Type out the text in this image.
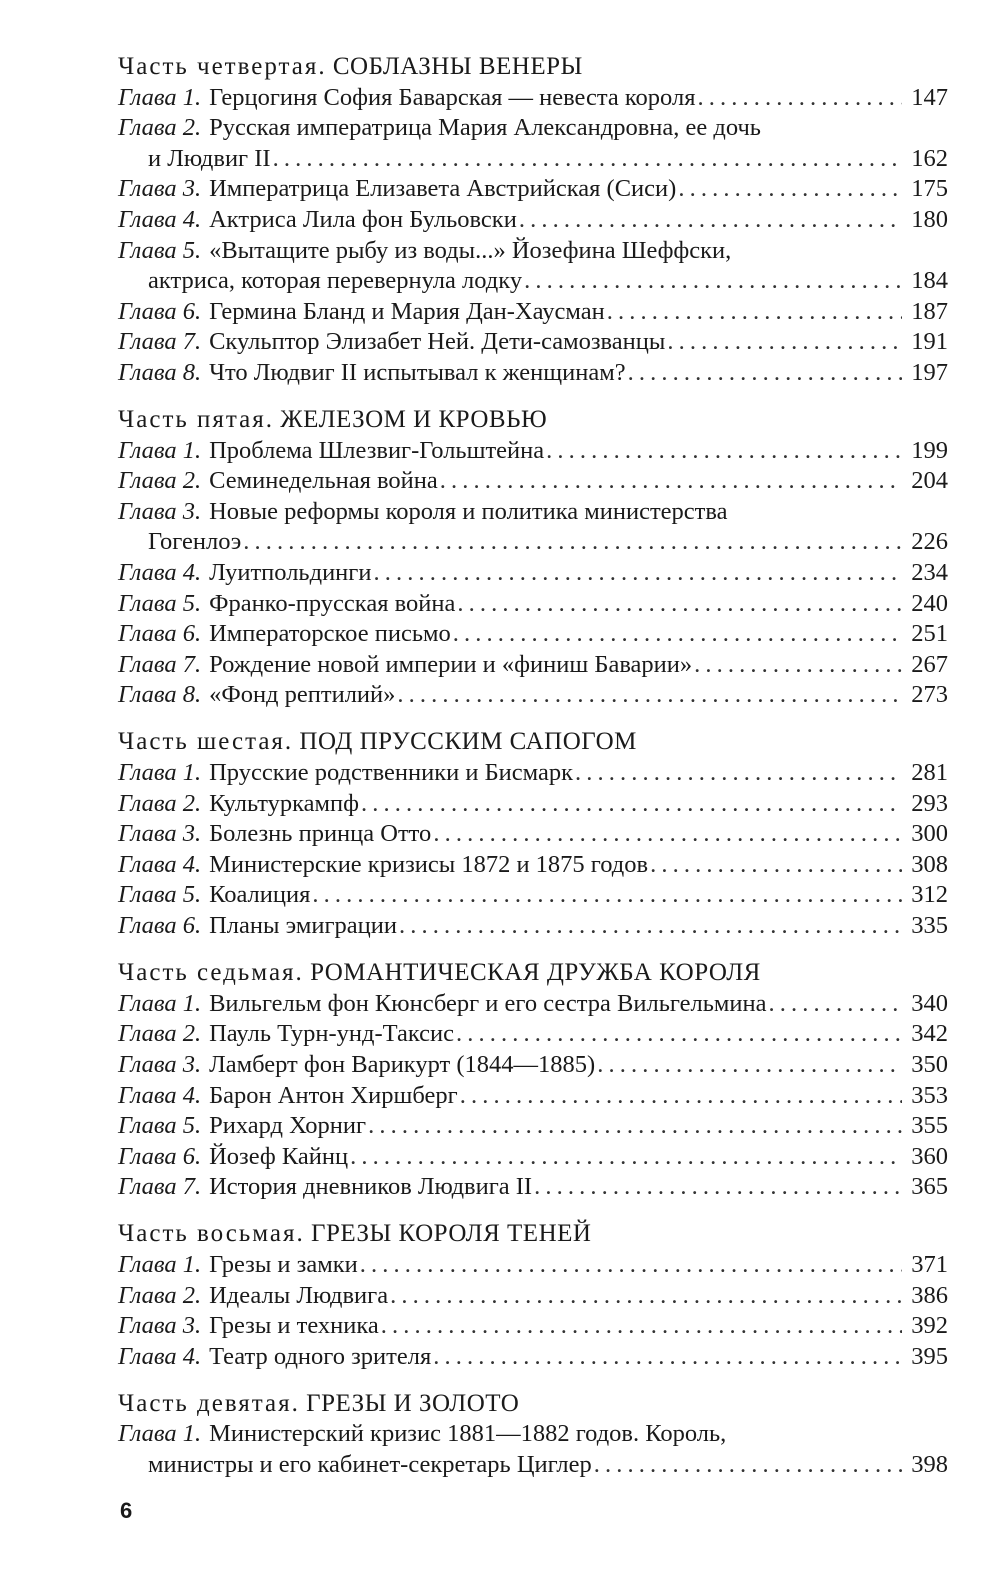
Часть четвертая. СОБЛАЗНЫ ВЕНЕРЫ
Глава 1. Герцогиня София Баварская — невеста короля . . .	147
Глава 2. Русская императрица Мария Александровна, ее дочь
и Людвиг II . . .	162
Глава 3. Императрица Елизавета Австрийская (Сиси) . . .	175
Глава 4. Актриса Лила фон Бульовски . . .	180
Глава 5. «Вытащите рыбу из воды...» Йозефина Шеффски,
актриса, которая перевернула лодку . . .	184
Глава 6. Гермина Бланд и Мария Дан-Хаусман . . .	187
Глава 7. Скульптор Элизабет Ней. Дети-самозванцы . . .	191
Глава 8. Что Людвиг II испытывал к женщинам? . . .	197
Часть пятая. ЖЕЛЕЗОМ И КРОВЬЮ
Глава 1. Проблема Шлезвиг-Гольштейна . . .	199
Глава 2. Семинедельная война . . .	204
Глава 3. Новые реформы короля и политика министерства
Гогенлоэ . . .	226
Глава 4. Луитпольдинги . . .	234
Глава 5. Франко-прусская война . . .	240
Глава 6. Императорское письмо . . .	251
Глава 7. Рождение новой империи и «финиш Баварии» . . .	267
Глава 8. «Фонд рептилий» . . .	273
Часть шестая. ПОД ПРУССКИМ САПОГОМ
Глава 1. Прусские родственники и Бисмарк . . .	281
Глава 2. Культуркампф . . .	293
Глава 3. Болезнь принца Отто . . .	300
Глава 4. Министерские кризисы 1872 и 1875 годов . . .	308
Глава 5. Коалиция . . .	312
Глава 6. Планы эмиграции . . .	335
Часть седьмая. РОМАНТИЧЕСКАЯ ДРУЖБА КОРОЛЯ
Глава 1. Вильгельм фон Кюнсберг и его сестра Вильгельмина . . .	340
Глава 2. Пауль Турн-унд-Таксис . . .	342
Глава 3. Ламберт фон Варикурт (1844—1885) . . .	350
Глава 4. Барон Антон Хиршберг . . .	353
Глава 5. Рихард Хорниг . . .	355
Глава 6. Йозеф Кайнц . . .	360
Глава 7. История дневников Людвига II . . .	365
Часть восьмая. ГРЕЗЫ КОРОЛЯ ТЕНЕЙ
Глава 1. Грезы и замки . . .	371
Глава 2. Идеалы Людвига . . .	386
Глава 3. Грезы и техника . . .	392
Глава 4. Театр одного зрителя . . .	395
Часть девятая. ГРЕЗЫ И ЗОЛОТО
Глава 1. Министерский кризис 1881—1882 годов. Король,
министры и его кабинет-секретарь Циглер . . .	398
6
